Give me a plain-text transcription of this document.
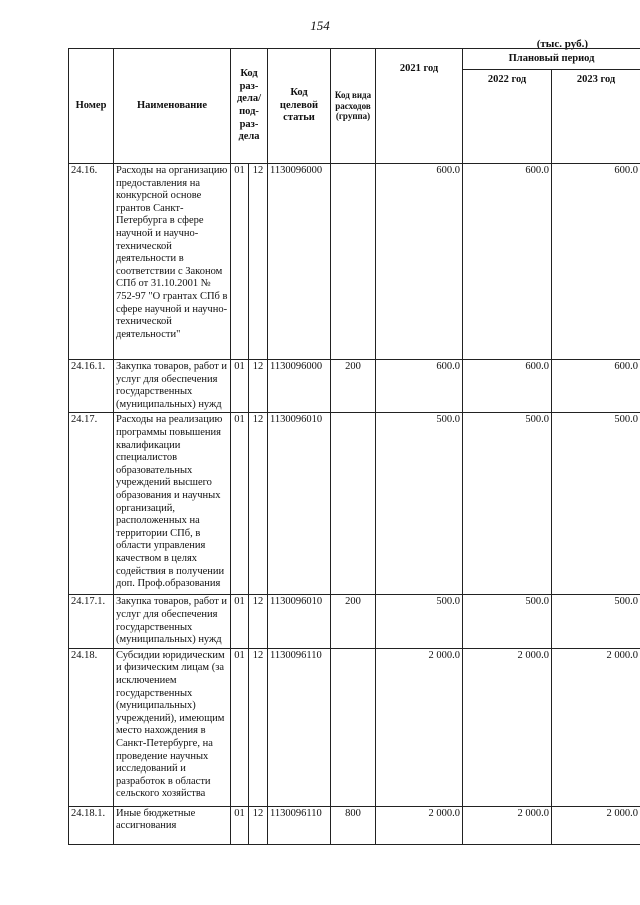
154
(тыс. руб.)
Номер	Наименование	Код раз-дела/ под-раз-дела		Код целевой статьи	Код вида расходов (группа)	2021 год	Плановый период	
							2022 год	2023 год
24.16.	Расходы на организацию предоставления на конкурсной основе грантов Санкт-Петербурга в сфере научной и научно-технической деятельности в соответствии с Законом СПб от 31.10.2001 № 752-97 "О грантах СПб в сфере научной и научно-технической деятельности"	01	12	1130096000		600.0	600.0	600.0
24.16.1.	Закупка товаров, работ и услуг для обеспечения государственных (муниципальных) нужд	01	12	1130096000	200	600.0	600.0	600.0
24.17.	Расходы на реализацию программы повышения квалификации специалистов образовательных учреждений высшего образования и научных организаций, расположенных на территории СПб, в области управления качеством в целях содействия в получении доп. Проф.образования	01	12	1130096010		500.0	500.0	500.0
24.17.1.	Закупка товаров, работ и услуг для обеспечения государственных (муниципальных) нужд	01	12	1130096010	200	500.0	500.0	500.0
24.18.	Субсидии юридическим и физическим лицам (за исключением государственных (муниципальных) учреждений), имеющим место нахождения в Санкт-Петербурге, на проведение научных исследований и разработок в области сельского хозяйства	01	12	1130096110		2 000.0	2 000.0	2 000.0
24.18.1.	Иные бюджетные ассигнования	01	12	1130096110	800	2 000.0	2 000.0	2 000.0
